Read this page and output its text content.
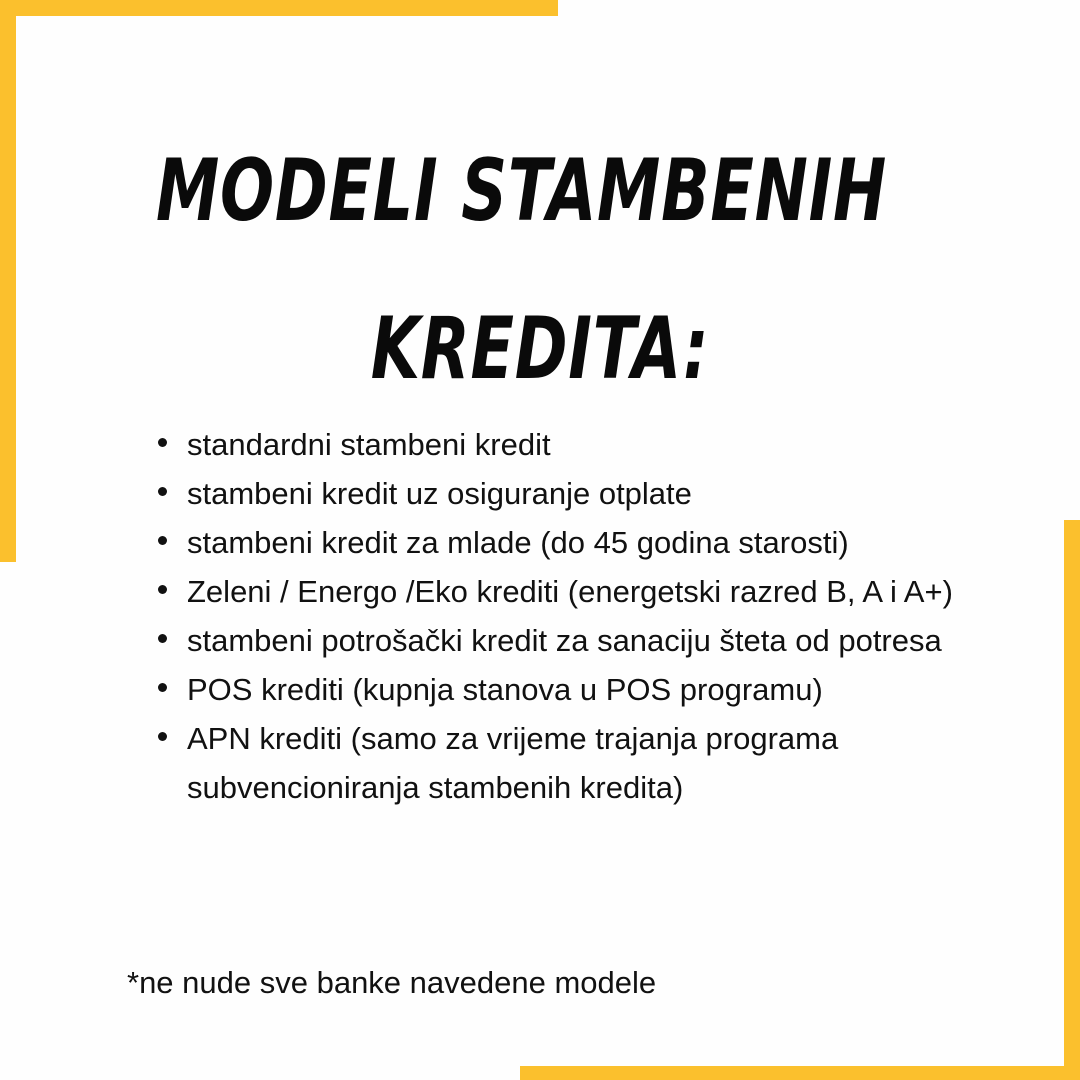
MODELI STAMBENIH
KREDITA:
standardni stambeni kredit
stambeni kredit uz osiguranje otplate
stambeni kredit za mlade (do 45 godina starosti)
Zeleni / Energo /Eko krediti (energetski razred B, A i A+)
stambeni potrošački kredit za sanaciju šteta od potresa
POS krediti (kupnja stanova u POS programu)
APN krediti (samo za vrijeme trajanja programa subvencioniranja stambenih kredita)

*ne nude sve banke navedene modele
